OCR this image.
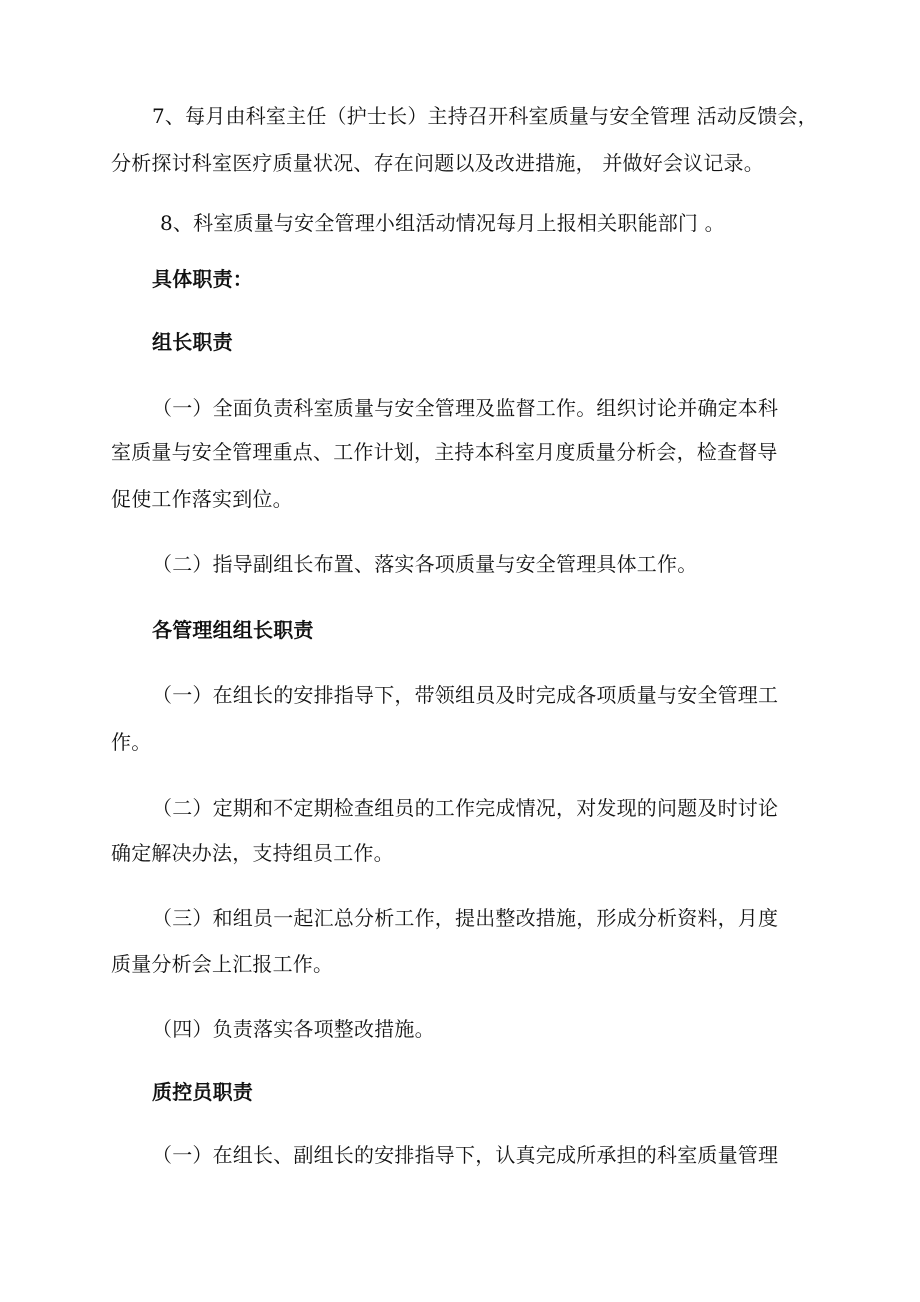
7、每月由科室主任（护士长）主持召开科室质量与安全管理 活动反馈会，
分析探讨科室医疗质量状况、存在问题以及改进措施， 并做好会议记录。
8、科室质量与安全管理小组活动情况每月上报相关职能部门 。
具体职责：
组长职责
（一）全面负责科室质量与安全管理及监督工作。组织讨论并确定本科
室质量与安全管理重点、工作计划，主持本科室月度质量分析会，检查督导
促使工作落实到位。
（二）指导副组长布置、落实各项质量与安全管理具体工作。
各管理组组长职责
（一）在组长的安排指导下，带领组员及时完成各项质量与安全管理工
作。
（二）定期和不定期检查组员的工作完成情况，对发现的问题及时讨论
确定解决办法，支持组员工作。
（三）和组员一起汇总分析工作，提出整改措施，形成分析资料，月度
质量分析会上汇报工作。
（四）负责落实各项整改措施。
质控员职责
（一）在组长、副组长的安排指导下，认真完成所承担的科室质量管理
